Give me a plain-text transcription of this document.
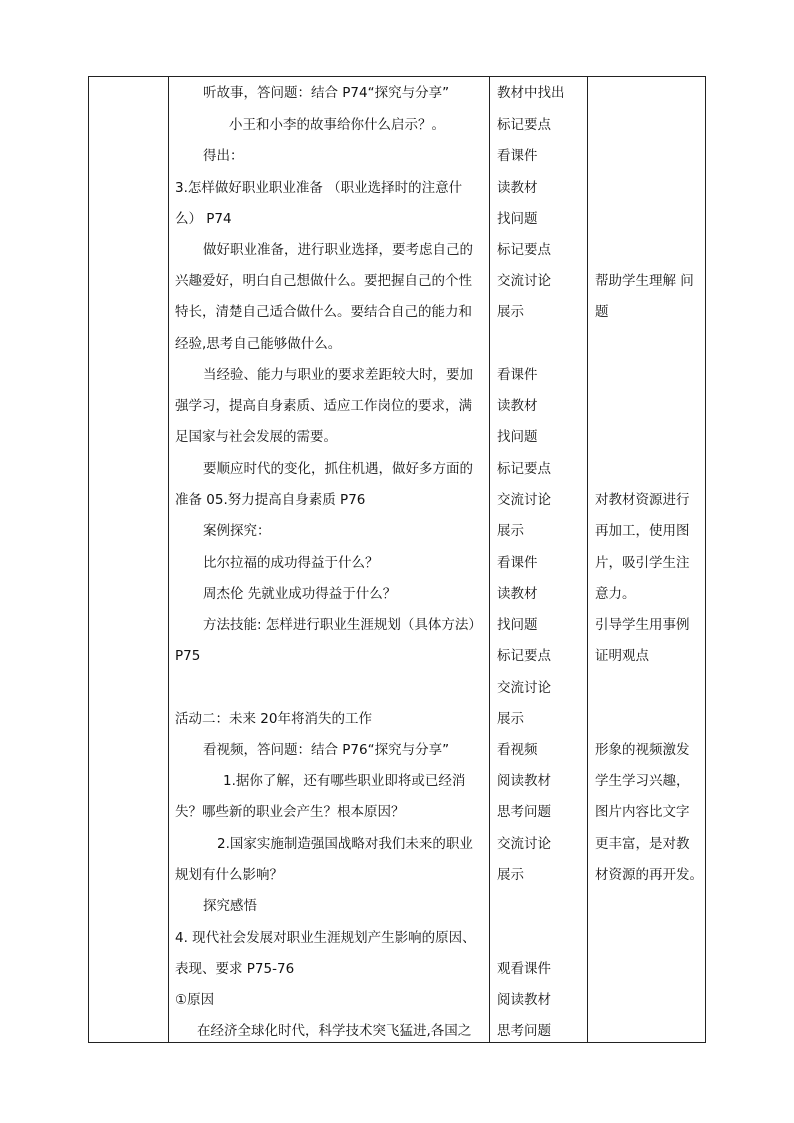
听故事，答问题：结合 P74“探究与分享”
小王和小李的故事给你什么启示？。
得出：
3.怎样做好职业职业准备 （职业选择时的注意什
么） P74
做好职业准备，进行职业选择，要考虑自己的
兴趣爱好，明白自己想做什么。要把握自己的个性
特长，清楚自己适合做什么。要结合自己的能力和
经验,思考自己能够做什么。
当经验、能力与职业的要求差距较大时，要加
强学习，提高自身素质、适应工作岗位的要求，满
足国家与社会发展的需要。
要顺应时代的变化，抓住机遇，做好多方面的
准备 05.努力提高自身素质 P76
案例探究：
比尔拉福的成功得益于什么？
周杰伦 先就业成功得益于什么？
方法技能: 怎样进行职业生涯规划（具体方法）
P75
活动二：未来 20年将消失的工作
看视频，答问题：结合 P76“探究与分享”
1.据你了解，还有哪些职业即将或已经消
失？哪些新的职业会产生？根本原因？
2.国家实施制造强国战略对我们未来的职业
规划有什么影响？
探究感悟
4. 现代社会发展对职业生涯规划产生影响的原因、
表现、要求 P75-76
①原因
在经济全球化时代，科学技术突飞猛进,各国之
教材中找出
标记要点
看课件
读教材
找问题
标记要点
交流讨论
展示
看课件
读教材
找问题
标记要点
交流讨论
展示
看课件
读教材
找问题
标记要点
交流讨论
展示
看视频
阅读教材
思考问题
交流讨论
展示
观看课件
阅读教材
思考问题
帮助学生理解 问
题
对教材资源进行
再加工，使用图
片，吸引学生注
意力。
引导学生用事例
证明观点
形象的视频激发
学生学习兴趣，
图片内容比文字
更丰富，是对教
材资源的再开发。
